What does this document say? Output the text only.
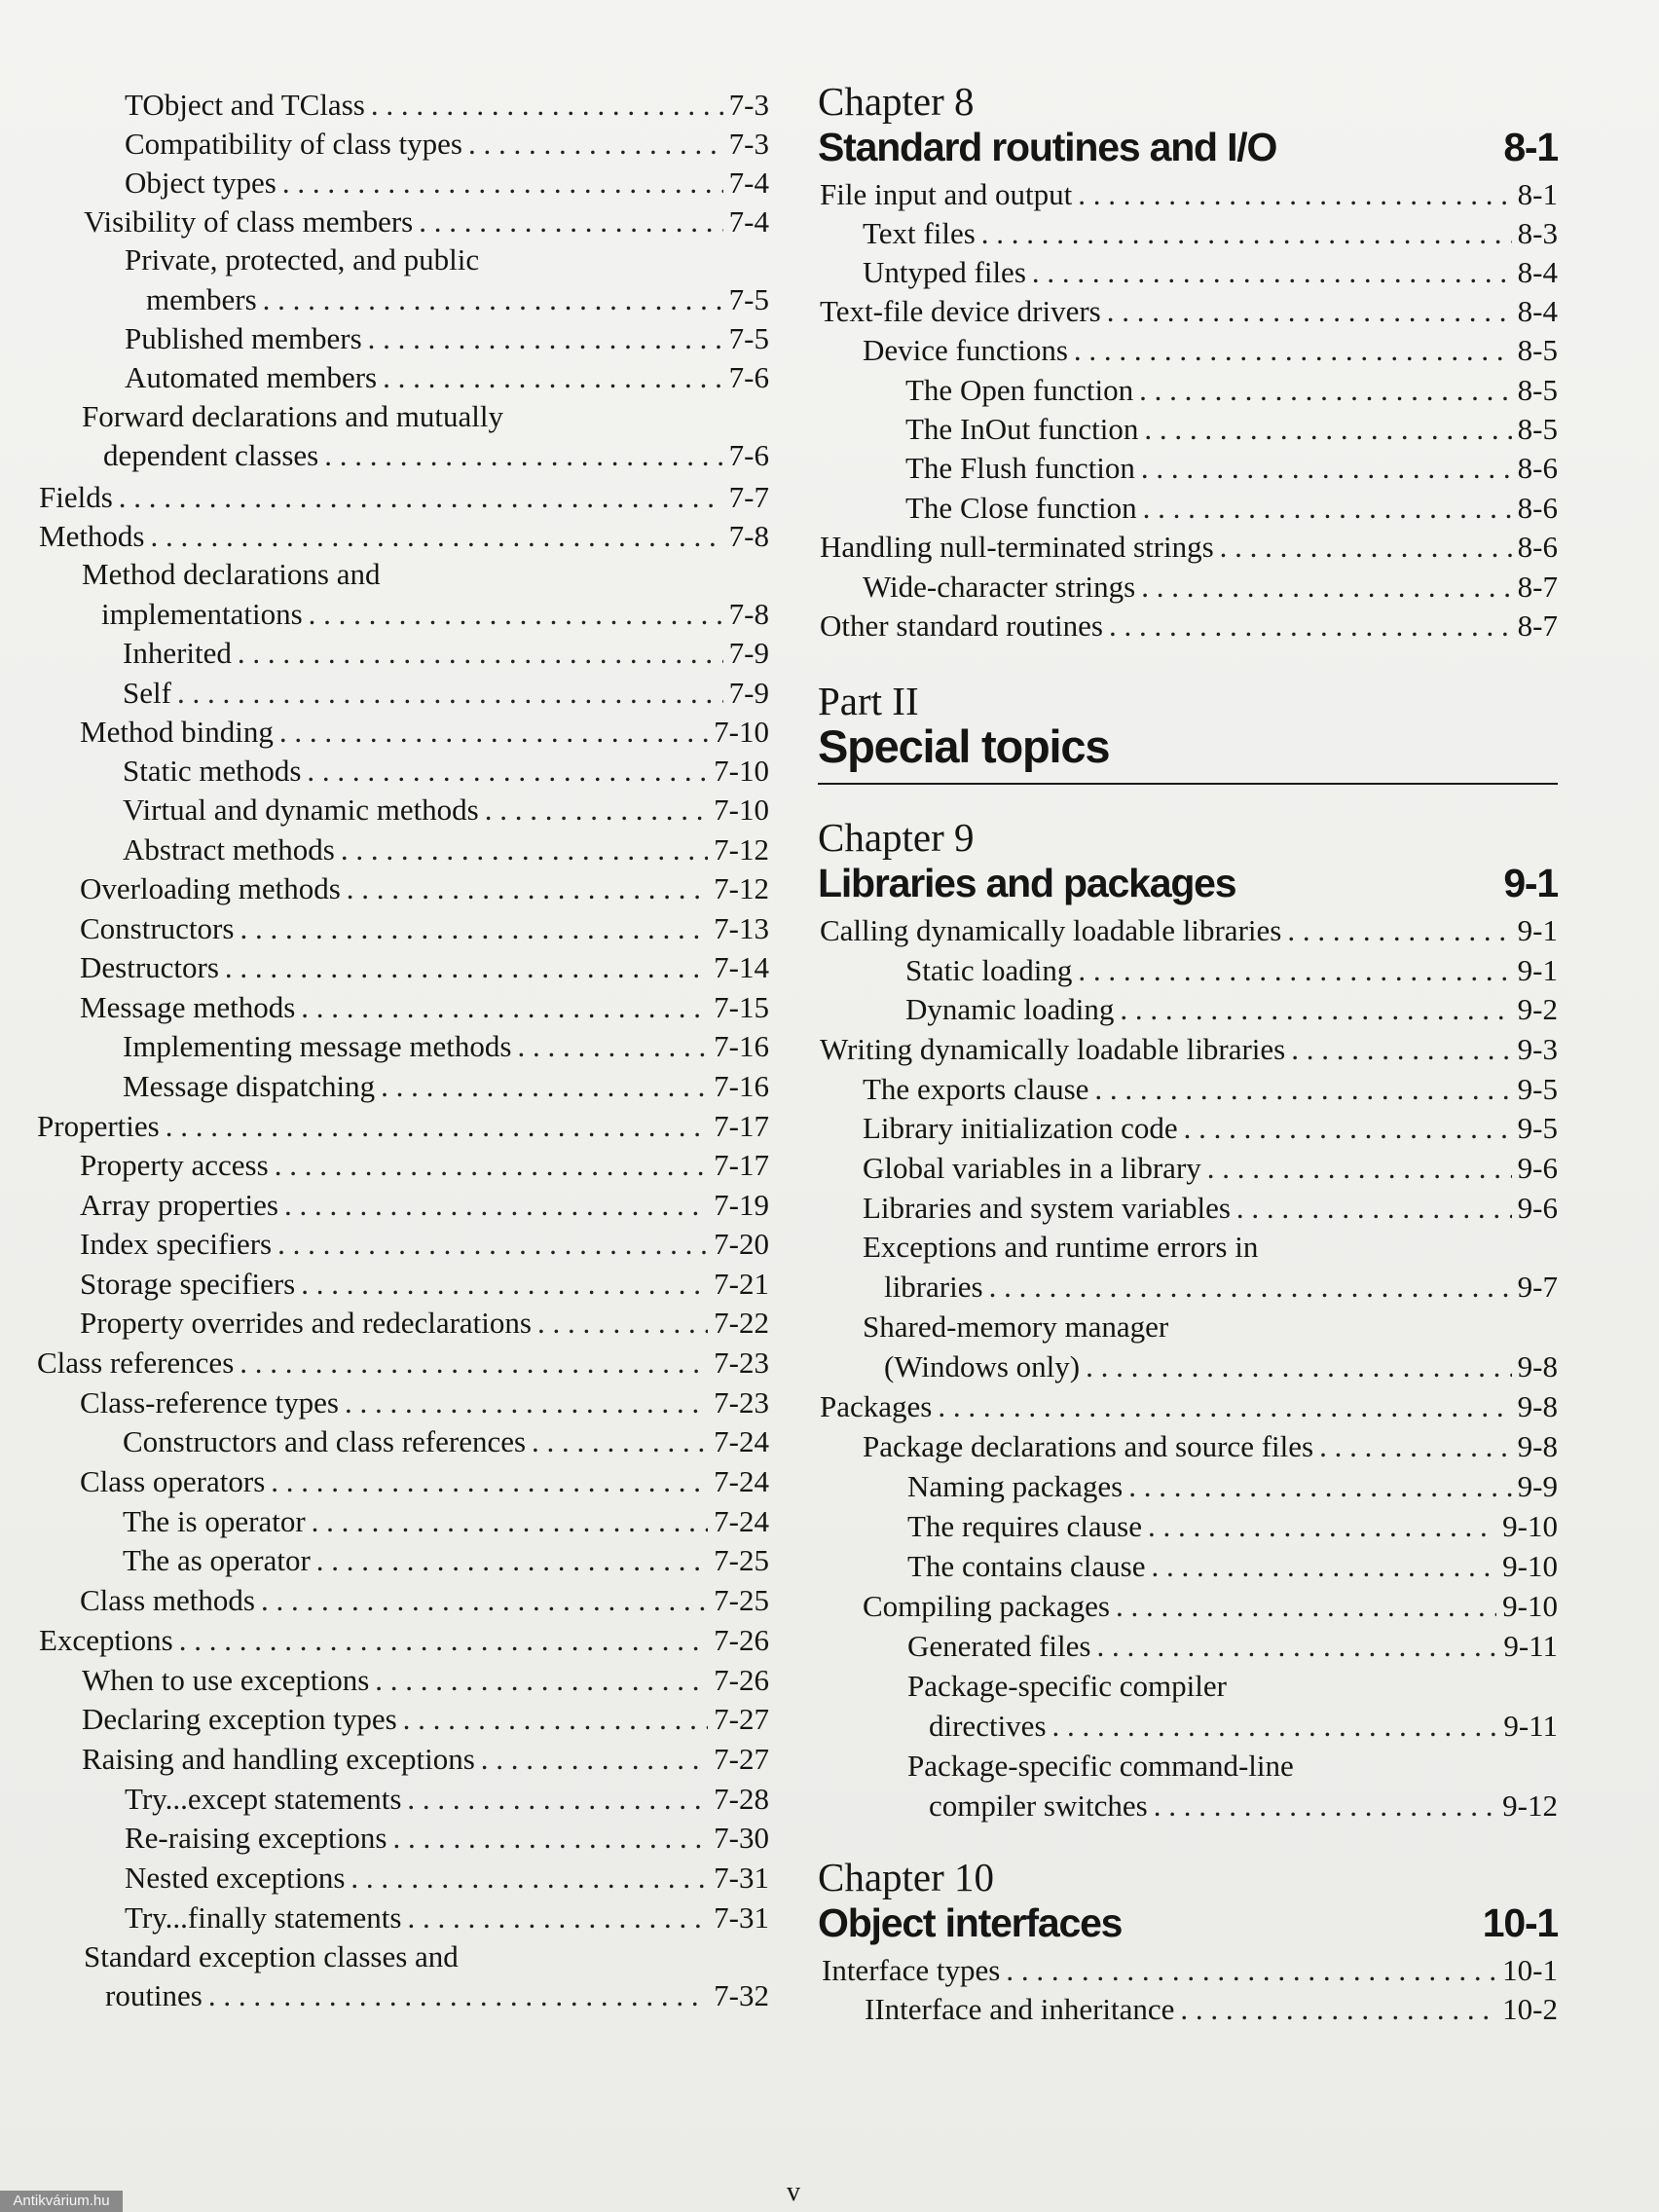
TObject and TClass . . .	7-3
Compatibility of class types . . .	7-3
Object types . . .	7-4
Visibility of class members . . .	7-4
Private, protected, and public
members . . .	7-5
Published members . . .	7-5
Automated members . . .	7-6
Forward declarations and mutually
dependent classes . . .	7-6
Fields . . .	7-7
Methods . . .	7-8
Method declarations and
implementations . . .	7-8
Inherited . . .	7-9
Self . . .	7-9
Method binding . . .	7-10
Static methods . . .	7-10
Virtual and dynamic methods . . .	7-10
Abstract methods . . .	7-12
Overloading methods . . .	7-12
Constructors . . .	7-13
Destructors . . .	7-14
Message methods . . .	7-15
Implementing message methods . . .	7-16
Message dispatching . . .	7-16
Properties . . .	7-17
Property access . . .	7-17
Array properties . . .	7-19
Index specifiers . . .	7-20
Storage specifiers . . .	7-21
Property overrides and redeclarations . . .	7-22
Class references . . .	7-23
Class-reference types . . .	7-23
Constructors and class references . . .	7-24
Class operators . . .	7-24
The is operator . . .	7-24
The as operator . . .	7-25
Class methods . . .	7-25
Exceptions . . .	7-26
When to use exceptions . . .	7-26
Declaring exception types . . .	7-27
Raising and handling exceptions . . .	7-27
Try...except statements . . .	7-28
Re-raising exceptions . . .	7-30
Nested exceptions . . .	7-31
Try...finally statements . . .	7-31
Standard exception classes and
routines . . .	7-32
Chapter 8
Standard routines and I/O	8-1
File input and output . . .	8-1
Text files . . .	8-3
Untyped files . . .	8-4
Text-file device drivers . . .	8-4
Device functions . . .	8-5
The Open function . . .	8-5
The InOut function . . .	8-5
The Flush function . . .	8-6
The Close function . . .	8-6
Handling null-terminated strings . . .	8-6
Wide-character strings . . .	8-7
Other standard routines . . .	8-7
Part II
Special topics
Chapter 9
Libraries and packages	9-1
Calling dynamically loadable libraries . . .	9-1
Static loading . . .	9-1
Dynamic loading . . .	9-2
Writing dynamically loadable libraries . . .	9-3
The exports clause . . .	9-5
Library initialization code . . .	9-5
Global variables in a library . . .	9-6
Libraries and system variables . . .	9-6
Exceptions and runtime errors in
libraries . . .	9-7
Shared-memory manager
(Windows only) . . .	9-8
Packages . . .	9-8
Package declarations and source files . . .	9-8
Naming packages . . .	9-9
The requires clause . . .	9-10
The contains clause . . .	9-10
Compiling packages . . .	9-10
Generated files . . .	9-11
Package-specific compiler
directives . . .	9-11
Package-specific command-line
compiler switches . . .	9-12
Chapter 10
Object interfaces	10-1
Interface types . . .	10-1
IInterface and inheritance . . .	10-2
v
Antikvárium.hu
